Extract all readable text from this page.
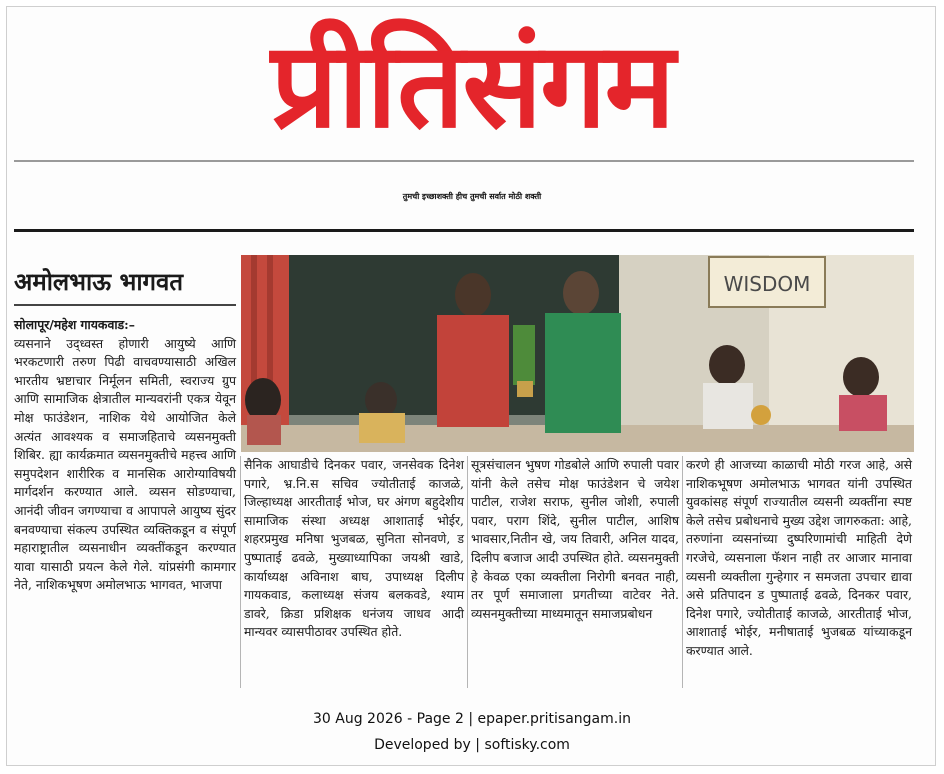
प्रीतिसंगम
तुमची इच्छाशक्ती हीच तुमची सर्वात मोठी शक्ती
अमोलभाऊ भागवत

सोलापूर/महेश गायकवाड:–

व्यसनाने उद्ध्वस्त होणारी आयुष्ये आणि भरकटणारी तरुण पिढी वाचवण्यासाठी अखिल भारतीय भ्रष्टाचार निर्मूलन समिती, स्वराज्य ग्रुप आणि सामाजिक क्षेत्रातील मान्यवरांनी एकत्र येवून मोक्ष फाउंडेशन, नाशिक येथे आयोजित केले अत्यंत आवश्यक व समाजहिताचे व्यसनमुक्ती शिबिर. ह्या कार्यक्रमात व्यसनमुक्तीचे महत्त्व आणि समुपदेशन शारीरिक व मानसिक आरोग्याविषयी मार्गदर्शन करण्यात आले. व्यसन सोडण्याचा, आनंदी जीवन जगण्याचा व आपापले आयुष्य सुंदर बनवण्याचा संकल्प उपस्थित व्यक्तिकडून व संपूर्ण महाराष्ट्रातील व्यसनाधीन व्यक्तींकडून करण्यात यावा यासाठी प्रयत्न केले गेले. यांप्रसंगी कामगार नेते, नाशिकभूषण अमोलभाऊ भागवत, भाजपा

WISDOM

सैनिक आघाडीचे दिनकर पवार, जनसेवक दिनेश पगारे, भ्र.नि.स सचिव ज्योतीताई काजळे, जिल्हाध्यक्ष आरतीताई भोज, घर अंगण बहुदेशीय सामाजिक संस्था अध्यक्ष आशाताई भोईर, शहरप्रमुख मनिषा भुजबळ, सुनिता सोनवणे, ड पुष्पाताई ढवळे, मुख्याध्यापिका जयश्री खाडे, कार्याध्यक्ष अविनाश बाघ, उपाध्यक्ष दिलीप गायकवाड, कलाध्यक्ष संजय बलकवडे, श्याम डावरे, क्रिडा प्रशिक्षक धनंजय जाधव आदी मान्यवर व्यासपीठावर उपस्थित होते.

सूत्रसंचालन भुषण गोडबोले आणि रुपाली पवार यांनी केले तसेच मोक्ष फाउंडेशन चे जयेश पाटील, राजेश सराफ, सुनील जोशी, रुपाली पवार, पराग शिंदे, सुनील पाटील, आशिष भावसार,नितीन खे, जय तिवारी, अनिल यादव, दिलीप बजाज आदी उपस्थित होते. व्यसनमुक्ती हे केवळ एका व्यक्तीला निरोगी बनवत नाही, तर पूर्ण समाजाला प्रगतीच्या वाटेवर नेते. व्यसनमुक्तीच्या माध्यमातून समाजप्रबोधन

करणे ही आजच्या काळाची मोठी गरज आहे, असे नाशिकभूषण अमोलभाऊ भागवत यांनी उपस्थित युवकांसह संपूर्ण राज्यातील व्यसनी व्यक्तींना स्पष्ट केले तसेच प्रबोधनाचे मुख्य उद्देश जागरुकता: आहे, तरुणांना व्यसनांच्या दुष्परिणामांची माहिती देणे गरजेचे, व्यसनाला फॅशन नाही तर आजार मानावा व्यसनी व्यक्तीला गुन्हेगार न समजता उपचार द्यावा असे प्रतिपादन ड पुष्पाताई ढवळे, दिनकर पवार, दिनेश पगारे, ज्योतीताई काजळे, आरतीताई भोज, आशाताई भोईर, मनीषाताई भुजबळ यांच्याकडून करण्यात आले.

30 Aug 2026 - Page 2 | epaper.pritisangam.in
Developed by | softisky.com
